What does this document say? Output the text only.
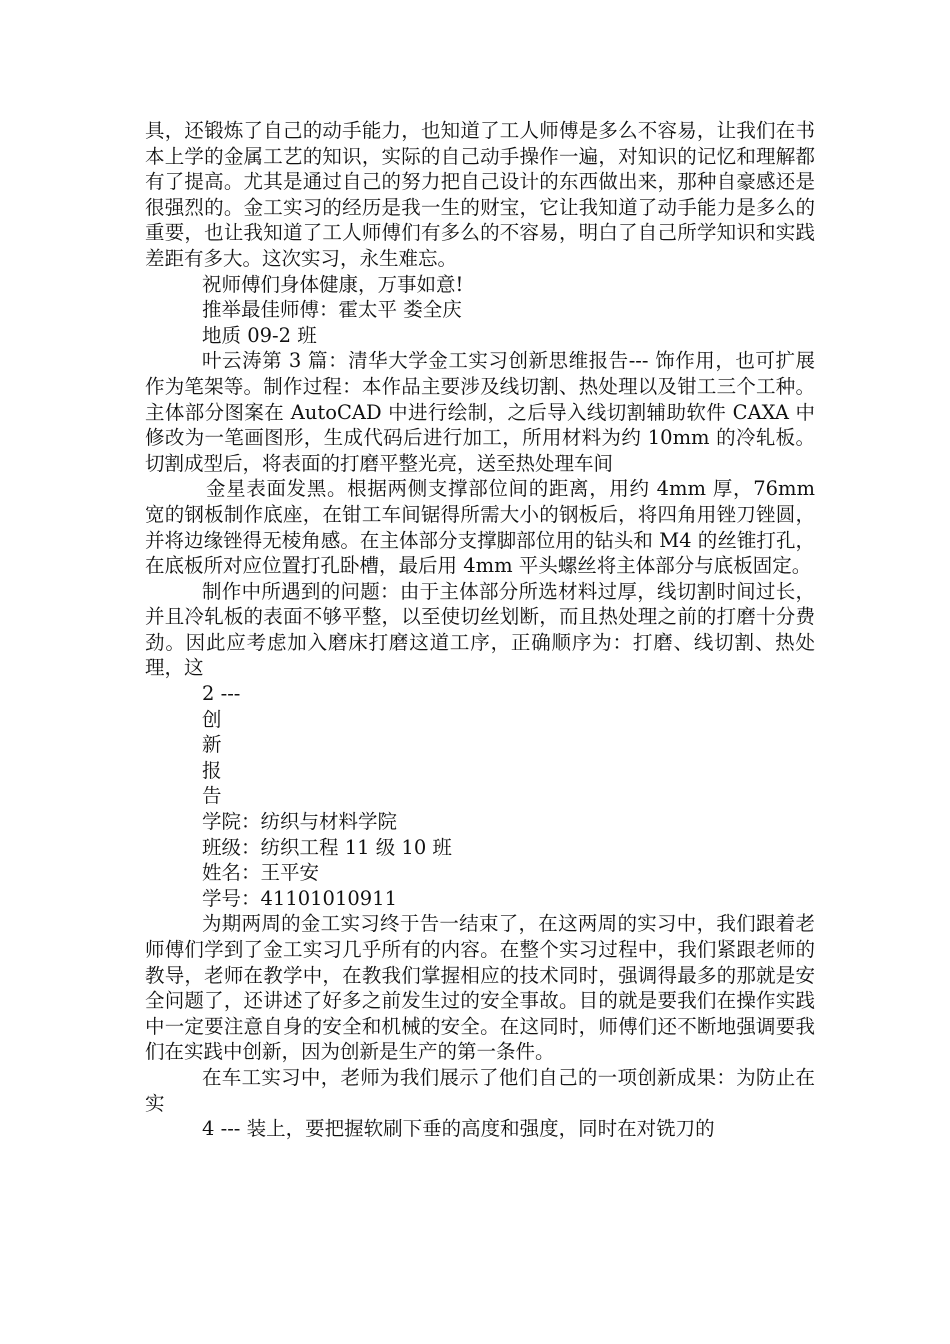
具，还锻炼了自己的动手能力，也知道了工人师傅是多么不容易，让我们在书本上学的金属工艺的知识，实际的自己动手操作一遍，对知识的记忆和理解都有了提高。尤其是通过自己的努力把自己设计的东西做出来，那种自豪感还是很强烈的。金工实习的经历是我一生的财宝，它让我知道了动手能力是多么的重要，也让我知道了工人师傅们有多么的不容易，明白了自己所学知识和实践差距有多大。这次实习，永生难忘。

祝师傅们身体健康，万事如意!

推举最佳师傅：霍太平 娄全庆

地质 09-2 班

叶云涛第 3 篇：清华大学金工实习创新思维报告--- 饰作用，也可扩展作为笔架等。制作过程：本作品主要涉及线切割、热处理以及钳工三个工种。主体部分图案在 AutoCAD 中进行绘制，之后导入线切割辅助软件 CAXA 中修改为一笔画图形，生成代码后进行加工，所用材料为约 10mm 的冷轧板。切割成型后，将表面的打磨平整光亮，送至热处理车间

金星表面发黑。根据两侧支撑部位间的距离，用约 4mm 厚，76mm 宽的钢板制作底座，在钳工车间锯得所需大小的钢板后，将四角用锉刀锉圆，并将边缘锉得无棱角感。在主体部分支撑脚部位用的钻头和 M4 的丝锥打孔，在底板所对应位置打孔卧槽，最后用 4mm 平头螺丝将主体部分与底板固定。

制作中所遇到的问题：由于主体部分所选材料过厚，线切割时间过长，并且冷轧板的表面不够平整，以至使切丝划断，而且热处理之前的打磨十分费劲。因此应考虑加入磨床打磨这道工序，正确顺序为：打磨、线切割、热处理，这

2 ---

创

新

报

告

学院：纺织与材料学院

班级：纺织工程 11 级 10 班

姓名：王平安

学号：41101010911

为期两周的金工实习终于告一结束了，在这两周的实习中，我们跟着老师傅们学到了金工实习几乎所有的内容。在整个实习过程中，我们紧跟老师的教导，老师在教学中，在教我们掌握相应的技术同时，强调得最多的那就是安全问题了，还讲述了好多之前发生过的安全事故。目的就是要我们在操作实践中一定要注意自身的安全和机械的安全。在这同时，师傅们还不断地强调要我们在实践中创新，因为创新是生产的第一条件。

在车工实习中，老师为我们展示了他们自己的一项创新成果：为防止在实

4 --- 装上，要把握软刷下垂的高度和强度，同时在对铣刀的
